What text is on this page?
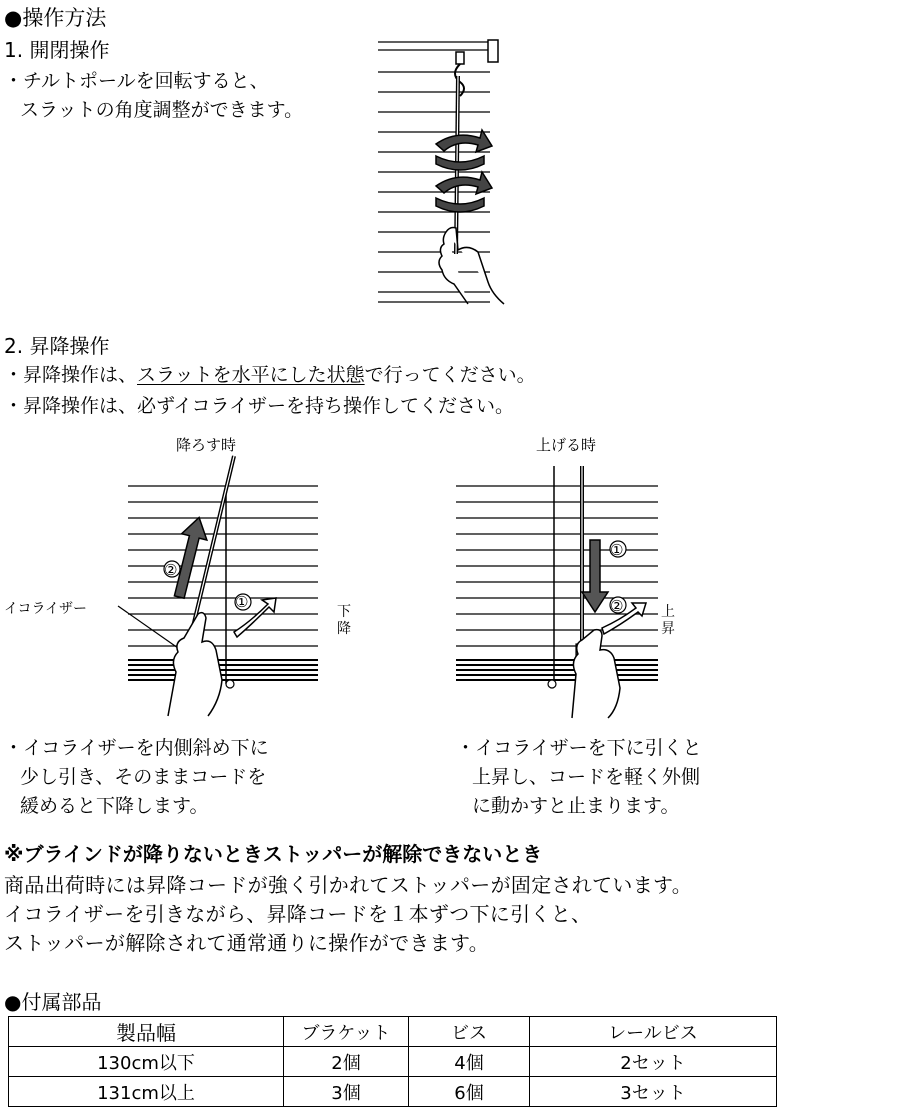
●操作方法
1. 開閉操作
・チルトポールを回転すると、
スラットの角度調整ができます。
2. 昇降操作
・昇降操作は、スラットを水平にした状態で行ってください。
・昇降操作は、必ずイコライザーを持ち操作してください。
降ろす時
②
①
イコライザー	下降
上げる時
①
②	上昇
・イコライザーを内側斜め下に
少し引き、そのままコードを
緩めると下降します。
・イコライザーを下に引くと
上昇し、コードを軽く外側
に動かすと止まります。
※ブラインドが降りないときストッパーが解除できないとき
商品出荷時には昇降コードが強く引かれてストッパーが固定されています。
イコライザーを引きながら、昇降コードを１本ずつ下に引くと、
ストッパーが解除されて通常通りに操作ができます。
●付属部品
製品幅	ブラケット	ビス	レールビス
130cm以下	2個	4個	2セット
131cm以上	3個	6個	3セット
